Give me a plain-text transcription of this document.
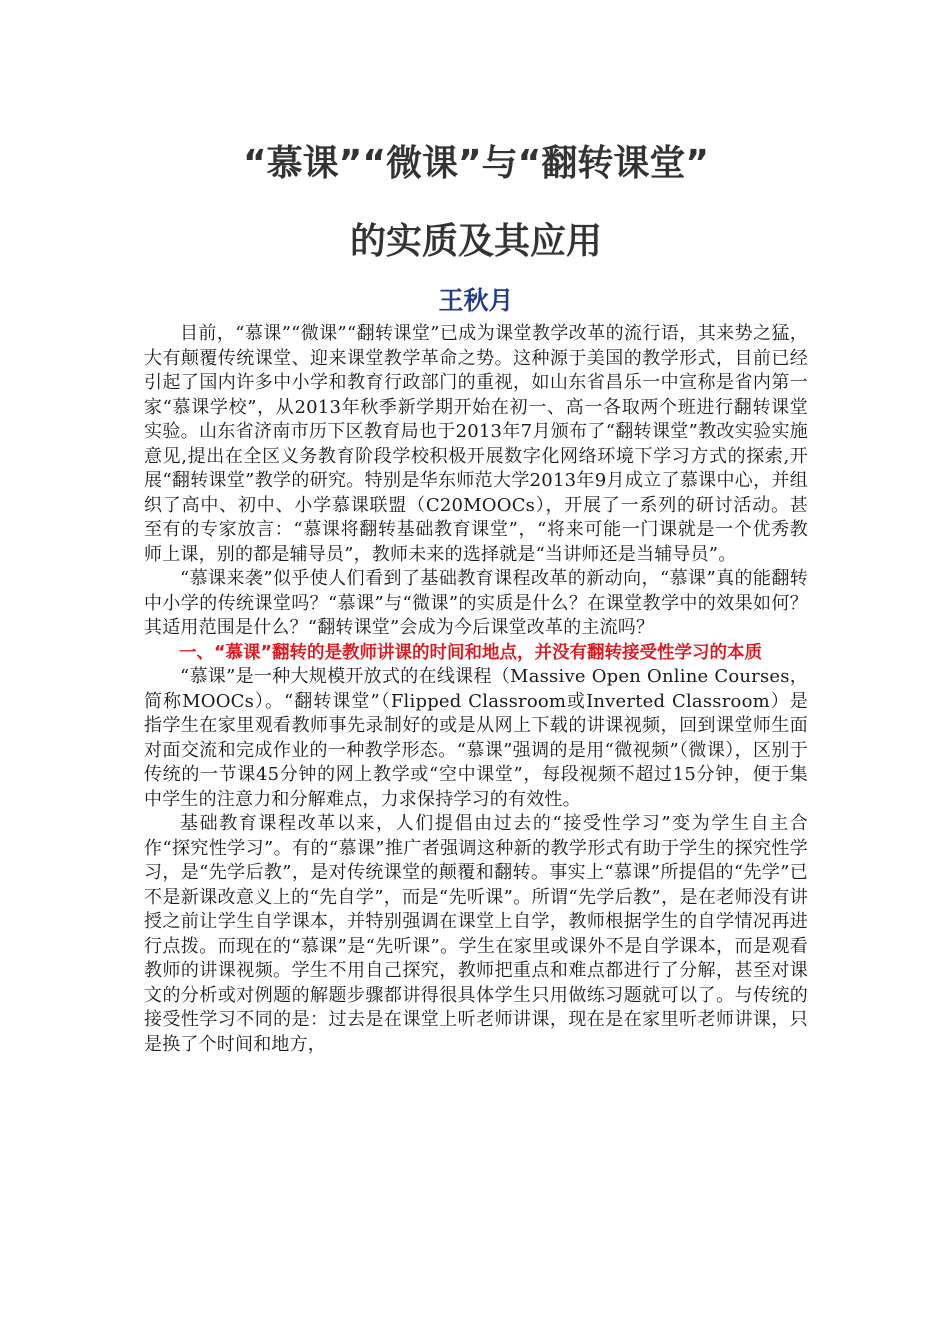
“慕课”“微课”与“翻转课堂”
的实质及其应用
王秋月

目前，“慕课”“微课”“翻转课堂”已成为课堂教学改革的流行语，其来势之猛，大有颠覆传统课堂、迎来课堂教学革命之势。这种源于美国的教学形式，目前已经引起了国内许多中小学和教育行政部门的重视，如山东省昌乐一中宣称是省内第一家“慕课学校”，从2013年秋季新学期开始在初一、高一各取两个班进行翻转课堂实验。山东省济南市历下区教育局也于2013年7月颁布了“翻转课堂”教改实验实施意见,提出在全区义务教育阶段学校积极开展数字化网络环境下学习方式的探索,开展“翻转课堂”教学的研究。特别是华东师范大学2013年9月成立了慕课中心，并组织了高中、初中、小学慕课联盟（C20MOOCs），开展了一系列的研讨活动。甚至有的专家放言：“慕课将翻转基础教育课堂”，“将来可能一门课就是一个优秀教师上课，别的都是辅导员”，教师未来的选择就是“当讲师还是当辅导员”。

“慕课来袭”似乎使人们看到了基础教育课程改革的新动向，“慕课”真的能翻转中小学的传统课堂吗？“慕课”与“微课”的实质是什么？在课堂教学中的效果如何？其适用范围是什么？“翻转课堂”会成为今后课堂改革的主流吗？

一、“慕课”翻转的是教师讲课的时间和地点，并没有翻转接受性学习的本质

“慕课”是一种大规模开放式的在线课程（Massive Open Online Courses，简称MOOCs）。“翻转课堂”（Flipped Classroom或Inverted Classroom）是指学生在家里观看教师事先录制好的或是从网上下载的讲课视频，回到课堂师生面对面交流和完成作业的一种教学形态。“慕课”强调的是用“微视频”（微课），区别于传统的一节课45分钟的网上教学或“空中课堂”，每段视频不超过15分钟，便于集中学生的注意力和分解难点，力求保持学习的有效性。

基础教育课程改革以来，人们提倡由过去的“接受性学习”变为学生自主合作“探究性学习”。有的“慕课”推广者强调这种新的教学形式有助于学生的探究性学习，是“先学后教”，是对传统课堂的颠覆和翻转。事实上“慕课”所提倡的“先学”已不是新课改意义上的“先自学”，而是“先听课”。所谓“先学后教”，是在老师没有讲授之前让学生自学课本，并特别强调在课堂上自学，教师根据学生的自学情况再进行点拨。而现在的“慕课”是“先听课”。学生在家里或课外不是自学课本，而是观看教师的讲课视频。学生不用自己探究，教师把重点和难点都进行了分解，甚至对课文的分析或对例题的解题步骤都讲得很具体学生只用做练习题就可以了。与传统的接受性学习不同的是：过去是在课堂上听老师讲课，现在是在家里听老师讲课，只是换了个时间和地方，
